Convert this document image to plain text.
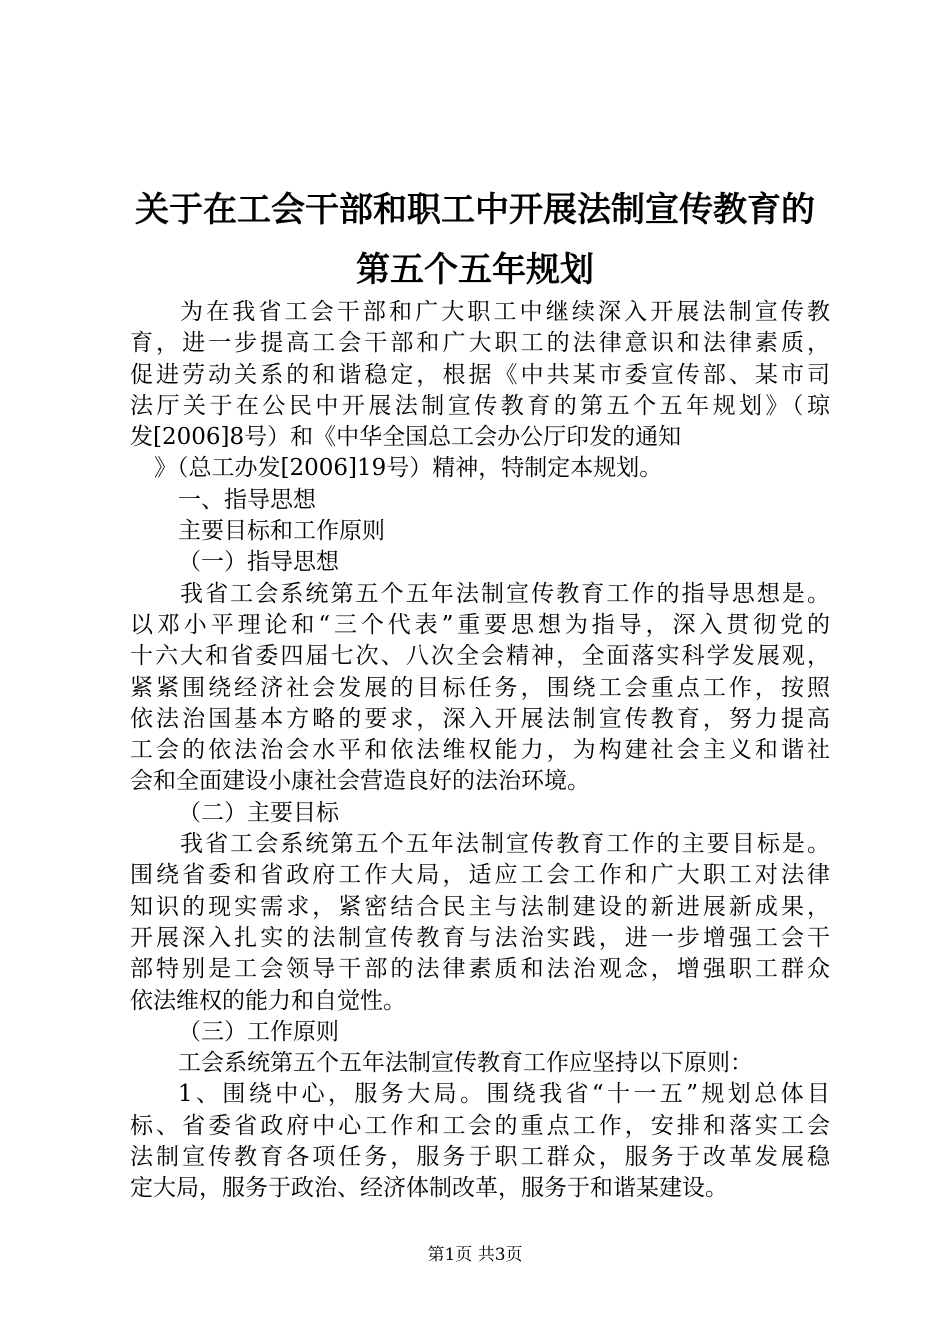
关于在工会干部和职工中开展法制宣传教育的
第五个五年规划
为在我省工会干部和广大职工中继续深入开展法制宣传教
育，进一步提高工会干部和广大职工的法律意识和法律素质，
促进劳动关系的和谐稳定，根据《中共某市委宣传部、某市司
法厅关于在公民中开展法制宣传教育的第五个五年规划》（琼
发[2006]8号）和《中华全国总工会办公厅印发的通知
》（总工办发[2006]19号）精神，特制定本规划。
一、指导思想
主要目标和工作原则
（一）指导思想
我省工会系统第五个五年法制宣传教育工作的指导思想是。
以邓小平理论和“三个代表”重要思想为指导，深入贯彻党的
十六大和省委四届七次、八次全会精神，全面落实科学发展观，
紧紧围绕经济社会发展的目标任务，围绕工会重点工作，按照
依法治国基本方略的要求，深入开展法制宣传教育，努力提高
工会的依法治会水平和依法维权能力，为构建社会主义和谐社
会和全面建设小康社会营造良好的法治环境。
（二）主要目标
我省工会系统第五个五年法制宣传教育工作的主要目标是。
围绕省委和省政府工作大局，适应工会工作和广大职工对法律
知识的现实需求，紧密结合民主与法制建设的新进展新成果，
开展深入扎实的法制宣传教育与法治实践，进一步增强工会干
部特别是工会领导干部的法律素质和法治观念，增强职工群众
依法维权的能力和自觉性。
（三）工作原则
工会系统第五个五年法制宣传教育工作应坚持以下原则：
1、围绕中心，服务大局。围绕我省“十一五”规划总体目
标、省委省政府中心工作和工会的重点工作，安排和落实工会
法制宣传教育各项任务，服务于职工群众，服务于改革发展稳
定大局，服务于政治、经济体制改革，服务于和谐某建设。
第1页 共3页
